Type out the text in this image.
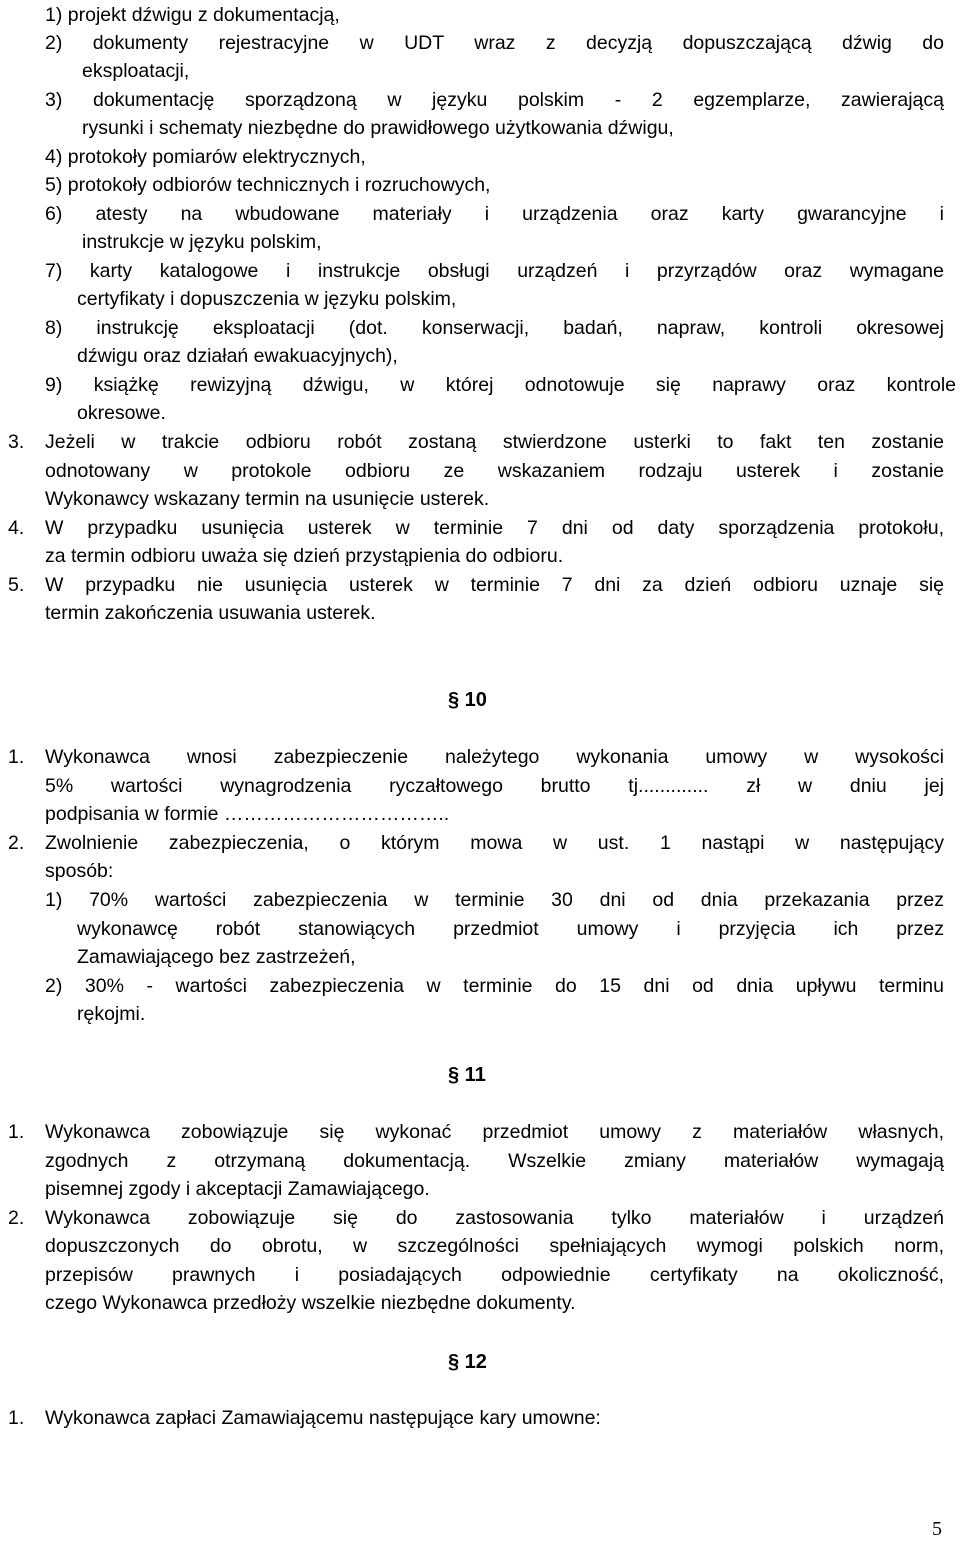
1) projekt dźwigu z dokumentacją,
2) dokumenty rejestracyjne w UDT wraz z decyzją dopuszczającą dźwig do
eksploatacji,
3) dokumentację sporządzoną w języku polskim - 2 egzemplarze, zawierającą
rysunki i schematy niezbędne do prawidłowego użytkowania dźwigu,
4) protokoły pomiarów elektrycznych,
5) protokoły odbiorów technicznych i rozruchowych,
6) atesty na wbudowane materiały i urządzenia oraz karty gwarancyjne i
instrukcje w języku polskim,
7) karty katalogowe i instrukcje obsługi urządzeń i przyrządów oraz wymagane
certyfikaty i dopuszczenia w języku polskim,
8) instrukcję eksploatacji (dot. konserwacji, badań, napraw, kontroli okresowej
dźwigu oraz działań ewakuacyjnych),
9) książkę rewizyjną dźwigu, w której odnotowuje się naprawy oraz kontrole
okresowe.
3. Jeżeli w trakcie odbioru robót zostaną stwierdzone usterki to fakt ten zostanie
odnotowany w protokole odbioru ze wskazaniem rodzaju usterek i zostanie
Wykonawcy wskazany termin na usunięcie usterek.
4. W przypadku usunięcia usterek w terminie 7 dni od daty sporządzenia protokołu,
za termin odbioru uważa się dzień przystąpienia do odbioru.
5. W przypadku nie usunięcia usterek w terminie 7 dni za dzień odbioru uznaje się
termin zakończenia usuwania usterek.
§ 10
1. Wykonawca wnosi zabezpieczenie należytego wykonania umowy w wysokości
5% wartości wynagrodzenia ryczałtowego brutto tj............. zł w dniu jej
podpisania w formie ……………………………..
2. Zwolnienie zabezpieczenia, o którym mowa w ust. 1 nastąpi w następujący
sposób:
1) 70% wartości zabezpieczenia w terminie 30 dni od dnia przekazania przez
wykonawcę robót stanowiących przedmiot umowy i przyjęcia ich przez
Zamawiającego bez zastrzeżeń,
2) 30% - wartości zabezpieczenia w terminie do 15 dni od dnia upływu terminu
rękojmi.
§ 11
1. Wykonawca zobowiązuje się wykonać przedmiot umowy z materiałów własnych,
zgodnych z otrzymaną dokumentacją. Wszelkie zmiany materiałów wymagają
pisemnej zgody i akceptacji Zamawiającego.
2. Wykonawca zobowiązuje się do zastosowania tylko materiałów i urządzeń
dopuszczonych do obrotu, w szczególności spełniających wymogi polskich norm,
przepisów prawnych i posiadających odpowiednie certyfikaty na okoliczność,
czego Wykonawca przedłoży wszelkie niezbędne dokumenty.
§ 12
1. Wykonawca zapłaci Zamawiającemu następujące kary umowne:
5
